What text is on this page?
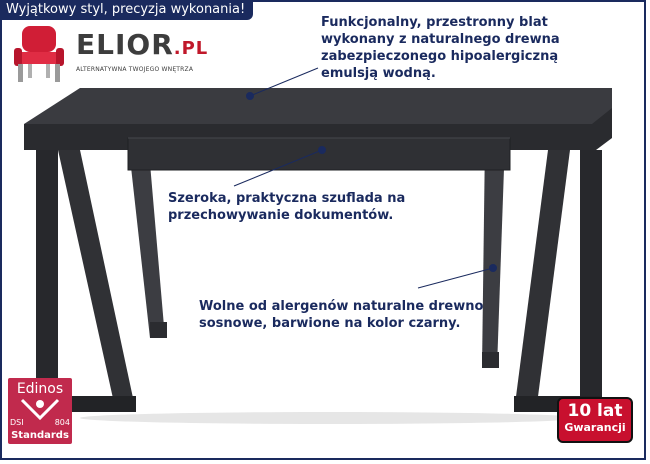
Wyjątkowy styl, precyzja wykonania!
ELIOR.PL
ALTERNATYWNA TWOJEGO WNĘTRZA

Funkcjonalny, przestronny blat
wykonany z naturalnego drewna
zabezpieczonego hipoalergiczną
emulsją wodną.

Szeroka, praktyczna szuflada na
przechowywanie dokumentów.

Wolne od alergenów naturalne drewno
sosnowe, barwione na kolor czarny.

Edinos
DSI	804
Standards
10 lat
Gwarancji
